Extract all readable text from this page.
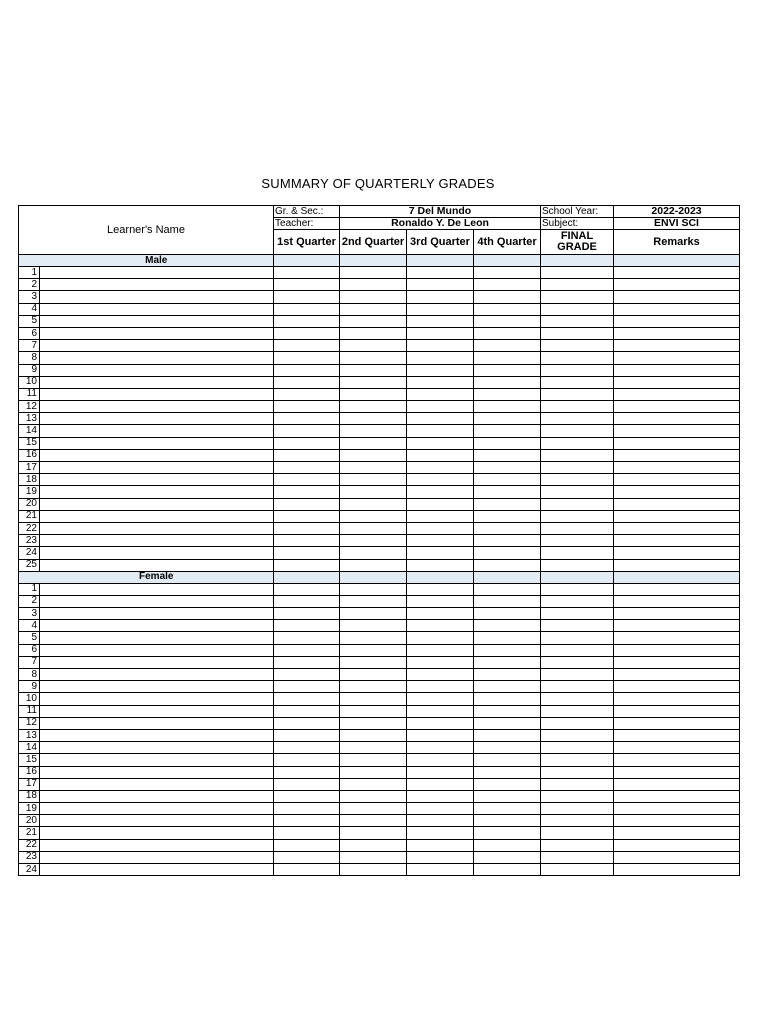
SUMMARY OF QUARTERLY GRADES
Learner's Name		Gr. & Sec.:	7 Del Mundo			School Year:	2022-2023
		Teacher:	Ronaldo Y. De Leon			Subject:	ENVI SCI
		1st Quarter	2nd Quarter	3rd Quarter	4th Quarter	FINAL GRADE	Remarks
	Male						
1							
2							
3							
4							
5							
6							
7							
8							
9							
10							
11							
12							
13							
14							
15							
16							
17							
18							
19							
20							
21							
22							
23							
24							
25							
	Female						
1							
2							
3							
4							
5							
6							
7							
8							
9							
10							
11							
12							
13							
14							
15							
16							
17							
18							
19							
20							
21							
22							
23							
24							
